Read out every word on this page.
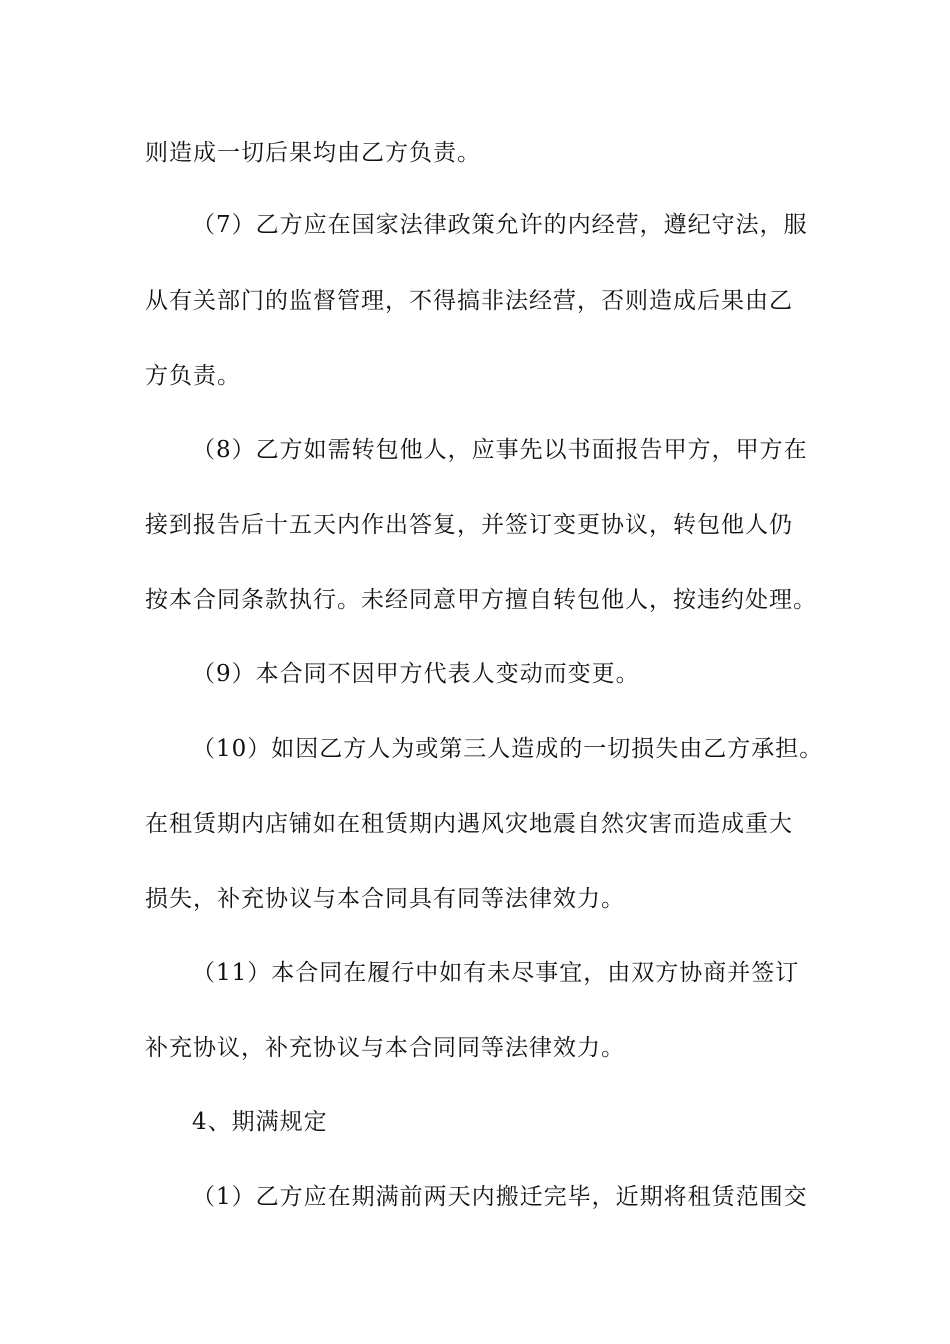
则造成一切后果均由乙方负责。
（7）乙方应在国家法律政策允许的内经营，遵纪守法，服
从有关部门的监督管理，不得搞非法经营，否则造成后果由乙
方负责。
（8）乙方如需转包他人，应事先以书面报告甲方，甲方在
接到报告后十五天内作出答复，并签订变更协议，转包他人仍
按本合同条款执行。未经同意甲方擅自转包他人，按违约处理。
（9）本合同不因甲方代表人变动而变更。
（10）如因乙方人为或第三人造成的一切损失由乙方承担。
在租赁期内店铺如在租赁期内遇风灾地震自然灾害而造成重大
损失，补充协议与本合同具有同等法律效力。
（11）本合同在履行中如有未尽事宜，由双方协商并签订
补充协议，补充协议与本合同同等法律效力。
4、期满规定
（1）乙方应在期满前两天内搬迁完毕，近期将租赁范围交
